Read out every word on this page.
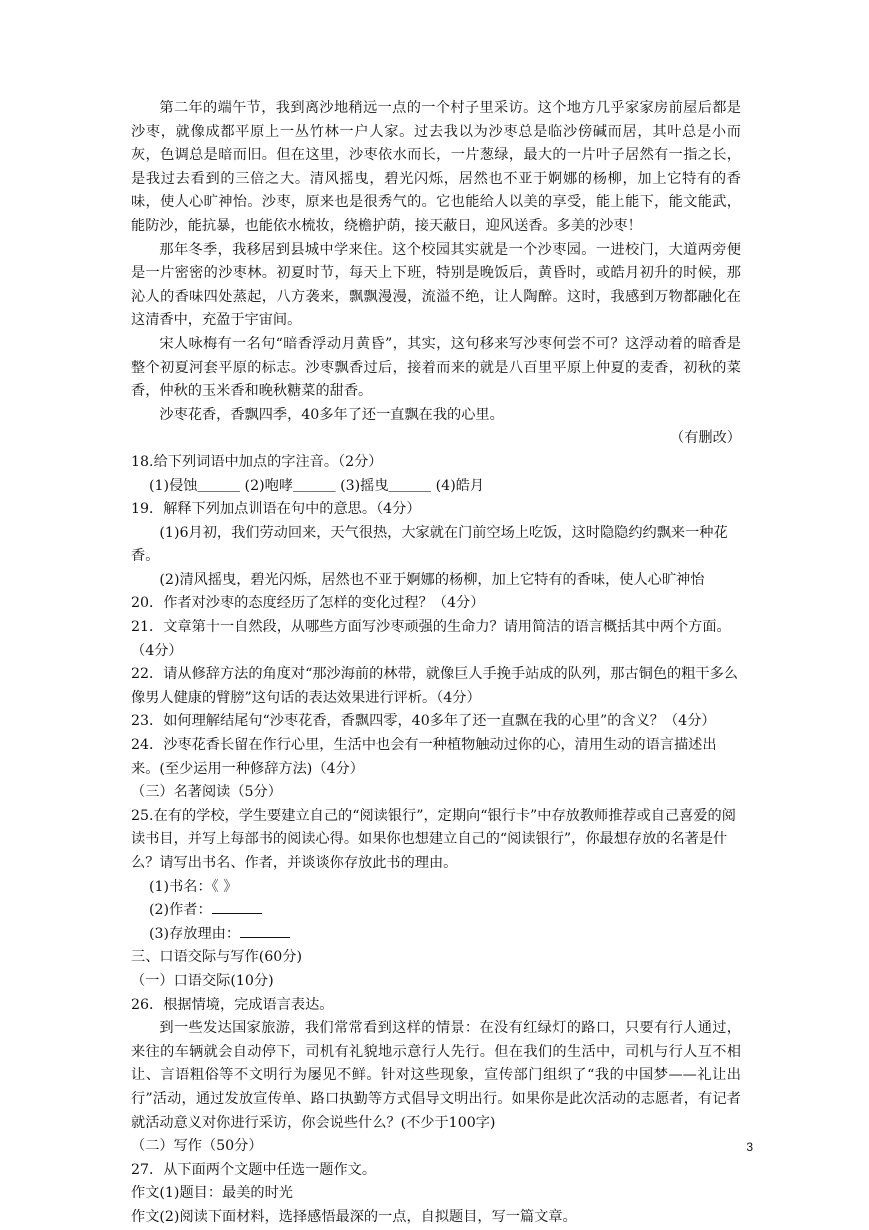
第二年的端午节，我到离沙地稍远一点的一个村子里采访。这个地方几乎家家房前屋后都是沙枣，就像成都平原上一丛竹林一户人家。过去我以为沙枣总是临沙傍碱而居，其叶总是小而灰，色调总是暗而旧。但在这里，沙枣依水而长，一片葱绿，最大的一片叶子居然有一指之长，是我过去看到的三倍之大。清风摇曳，碧光闪烁，居然也不亚于婀娜的杨柳，加上它特有的香味，使人心旷神怡。沙枣，原来也是很秀气的。它也能给人以美的享受，能上能下，能文能武，能防沙，能抗暴，也能依水梳妆，绕檐护荫，接天蔽日，迎风送香。多美的沙枣！

那年冬季，我移居到县城中学来住。这个校园其实就是一个沙枣园。一进校门，大道两旁便是一片密密的沙枣林。初夏时节，每天上下班，特别是晚饭后，黄昏时，或皓月初升的时候，那沁人的香味四处蒸起，八方袭来，飘飘漫漫，流溢不绝，让人陶醉。这时，我感到万物都融化在这清香中，充盈于宇宙间。

宋人咏梅有一名句“暗香浮动月黄昏”，其实，这句移来写沙枣何尝不可？这浮动着的暗香是整个初夏河套平原的标志。沙枣飘香过后，接着而来的就是八百里平原上仲夏的麦香，初秋的菜香，仲秋的玉米香和晚秋糖菜的甜香。

沙枣花香，香飘四季，40多年了还一直飘在我的心里。

（有删改）

18.给下列词语中加点的字注音。（2分）

(1)侵蚀＿＿＿ (2)咆哮＿＿＿ (3)摇曳＿＿＿ (4)皓月

19．解释下列加点训语在句中的意思。（4分）

(1)6月初，我们劳动回来，天气很热，大家就在门前空场上吃饭，这时隐隐约约飘来一种花香。

(2)清风摇曳，碧光闪烁，居然也不亚于婀娜的杨柳，加上它特有的香味，使人心旷神怡

20．作者对沙枣的态度经历了怎样的变化过程？（4分）

21．文章第十一自然段，从哪些方面写沙枣顽强的生命力？请用简洁的语言概括其中两个方面。（4分）

22．请从修辞方法的角度对“那沙海前的林带，就像巨人手挽手站成的队列，那古铜色的粗干多么像男人健康的臂膀”这句话的表达效果进行评析。（4分）

23．如何理解结尾句“沙枣花香，香飘四零，40多年了还一直飘在我的心里”的含义？（4分）

24．沙枣花香长留在作行心里，生活中也会有一种植物触动过你的心，清用生动的语言描述出来。(至少运用一种修辞方法)（4分）

（三）名著阅读（5分）

25.在有的学校，学生要建立自己的“阅读银行”，定期向“银行卡”中存放教师推荐或自己喜爱的阅读书目，并写上每部书的阅读心得。如果你也想建立自己的“阅读银行”，你最想存放的名著是什么？请写出书名、作者，并谈谈你存放此书的理由。

(1)书名：《 》

(2)作者：

(3)存放理由：

三、口语交际与写作(60分)

（一）口语交际(10分)

26．根据情境，完成语言表达。

到一些发达国家旅游，我们常常看到这样的情景：在没有红绿灯的路口，只要有行人通过，来往的车辆就会自动停下，司机有礼貌地示意行人先行。但在我们的生活中，司机与行人互不相让、言语粗俗等不文明行为屡见不鲜。针对这些现象，宣传部门组织了“我的中国梦——礼让出行”活动，通过发放宣传单、路口执勤等方式倡导文明出行。如果你是此次活动的志愿者，有记者就活动意义对你进行采访，你会说些什么？(不少于100字)

（二）写作（50分）

27．从下面两个文题中任选一题作文。

作文(1)题目：最美的时光

作文(2)阅读下面材料，选择感悟最深的一点，自拟题目，写一篇文章。

3
